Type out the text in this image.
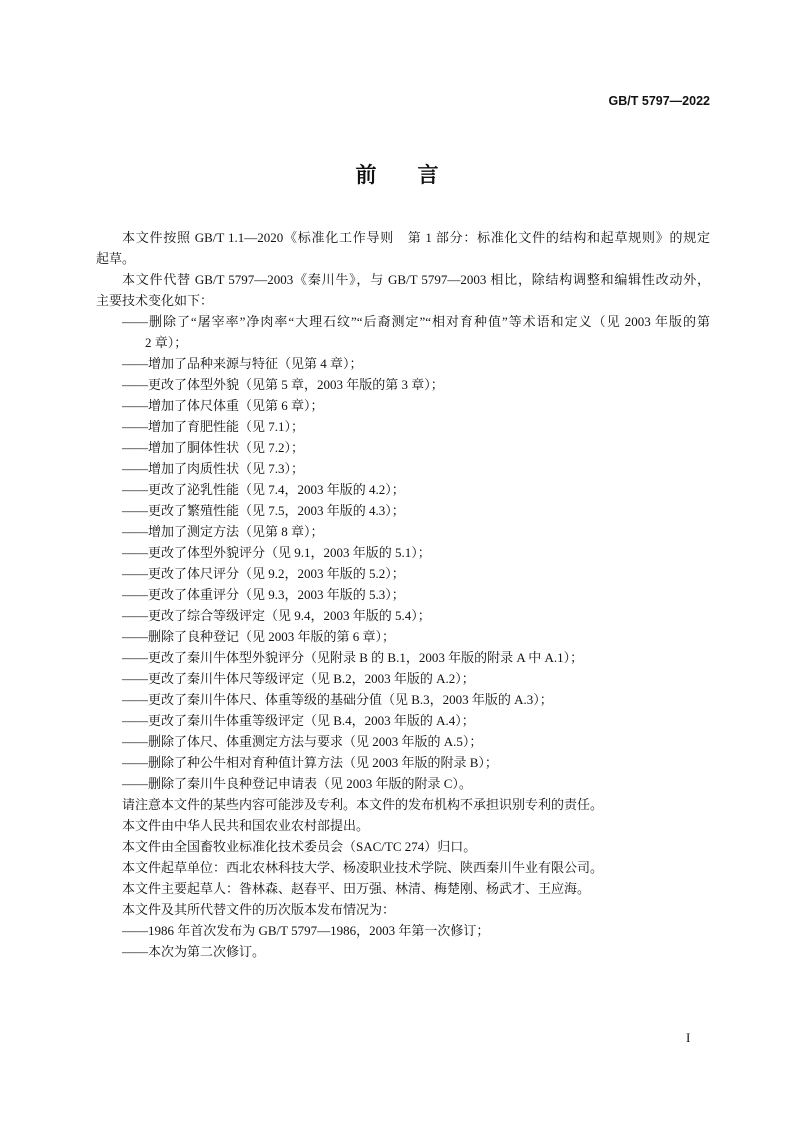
GB/T 5797—2022
前　言
本文件按照 GB/T 1.1—2020《标准化工作导则　第 1 部分：标准化文件的结构和起草规则》的规定
起草。
本文件代替 GB/T 5797—2003《秦川牛》，与 GB/T 5797—2003 相比，除结构调整和编辑性改动外，
主要技术变化如下：
——删除了“屠宰率”净肉率“大理石纹”“后裔测定”“相对育种值”等术语和定义（见 2003 年版的第
2 章）；
——增加了品种来源与特征（见第 4 章）；
——更改了体型外貌（见第 5 章，2003 年版的第 3 章）；
——增加了体尺体重（见第 6 章）；
——增加了育肥性能（见 7.1）；
——增加了胴体性状（见 7.2）；
——增加了肉质性状（见 7.3）；
——更改了泌乳性能（见 7.4，2003 年版的 4.2）；
——更改了繁殖性能（见 7.5，2003 年版的 4.3）；
——增加了测定方法（见第 8 章）；
——更改了体型外貌评分（见 9.1，2003 年版的 5.1）；
——更改了体尺评分（见 9.2，2003 年版的 5.2）；
——更改了体重评分（见 9.3，2003 年版的 5.3）；
——更改了综合等级评定（见 9.4，2003 年版的 5.4）；
——删除了良种登记（见 2003 年版的第 6 章）；
——更改了秦川牛体型外貌评分（见附录 B 的 B.1，2003 年版的附录 A 中 A.1）；
——更改了秦川牛体尺等级评定（见 B.2，2003 年版的 A.2）；
——更改了秦川牛体尺、体重等级的基础分值（见 B.3，2003 年版的 A.3）；
——更改了秦川牛体重等级评定（见 B.4，2003 年版的 A.4）；
——删除了体尺、体重测定方法与要求（见 2003 年版的 A.5）；
——删除了种公牛相对育种值计算方法（见 2003 年版的附录 B）；
——删除了秦川牛良种登记申请表（见 2003 年版的附录 C）。
请注意本文件的某些内容可能涉及专利。本文件的发布机构不承担识别专利的责任。
本文件由中华人民共和国农业农村部提出。
本文件由全国畜牧业标准化技术委员会（SAC/TC 274）归口。
本文件起草单位：西北农林科技大学、杨凌职业技术学院、陕西秦川牛业有限公司。
本文件主要起草人：昝林森、赵春平、田万强、林清、梅楚刚、杨武才、王应海。
本文件及其所代替文件的历次版本发布情况为：
——1986 年首次发布为 GB/T 5797—1986，2003 年第一次修订；
——本次为第二次修订。
I
